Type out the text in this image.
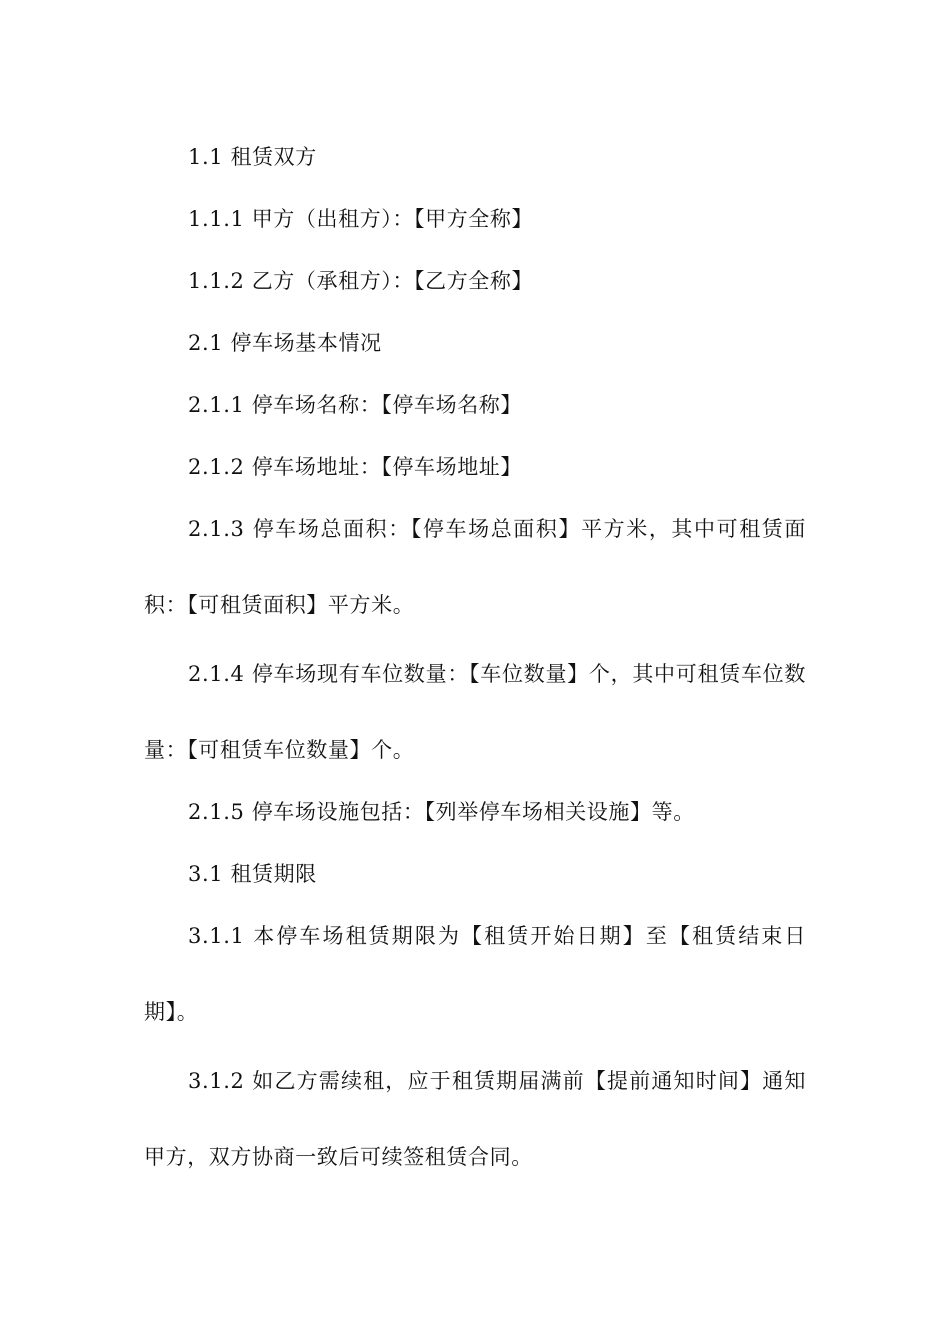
1.1 租赁双方

1.1.1 甲方（出租方）：【甲方全称】

1.1.2 乙方（承租方）：【乙方全称】

2.1 停车场基本情况

2.1.1 停车场名称：【停车场名称】

2.1.2 停车场地址：【停车场地址】

2.1.3 停车场总面积：【停车场总面积】平方米，其中可租赁面积：【可租赁面积】平方米。

2.1.4 停车场现有车位数量：【车位数量】个，其中可租赁车位数量：【可租赁车位数量】个。

2.1.5 停车场设施包括：【列举停车场相关设施】等。

3.1 租赁期限

3.1.1 本停车场租赁期限为【租赁开始日期】至【租赁结束日期】。

3.1.2 如乙方需续租，应于租赁期届满前【提前通知时间】通知甲方，双方协商一致后可续签租赁合同。
